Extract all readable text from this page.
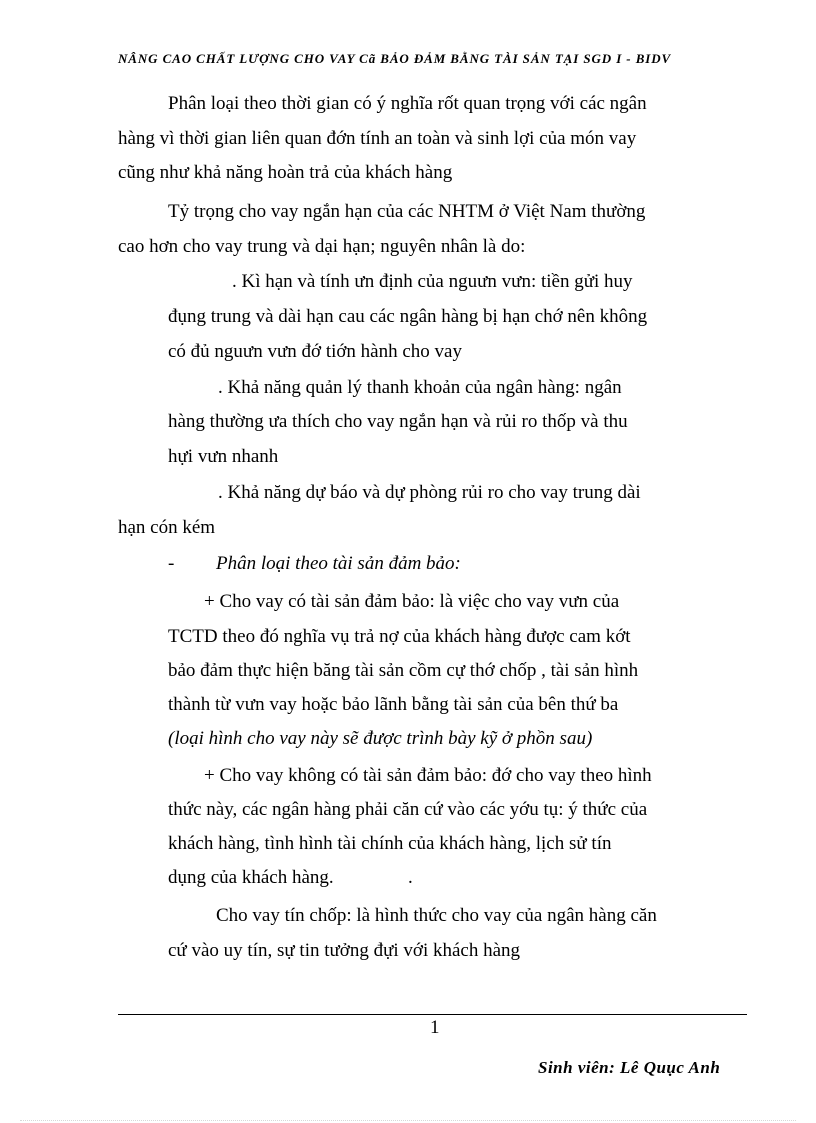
NÂNG CAO CHẤT LƯỢNG CHO VAY Cã BẢO ĐẢM BẰNG TÀI SẢN TẠI SGD I - BIDV
Phân loại theo thời gian có ý nghĩa rốt quan trọng với các ngân
hàng vì thời gian liên quan đớn tính an toàn và sinh lợi của món vay
cũng như khả năng hoàn trả của khách hàng
Tỷ trọng cho vay ngắn hạn của các NHTM ở Việt Nam thường
cao hơn cho vay trung và dại hạn; nguyên nhân là do:
. Kì hạn và tính ưn định của nguưn vưn: tiền gửi huy
đụng trung và dài hạn cau các ngân hàng bị hạn chớ nên không
có đủ nguưn vưn đớ tiớn hành cho vay
. Khả năng quản lý thanh khoản của ngân hàng: ngân
hàng thường ưa thích cho vay ngắn hạn và rủi ro thốp và thu
hựi vưn nhanh
. Khả năng dự báo và dự phòng rủi ro cho vay trung dài
hạn cón kém
- Phân loại theo tài sản đảm bảo:
+ Cho vay có tài sản đảm bảo: là việc cho vay vưn của
TCTD theo đó nghĩa vụ trả nợ của khách hàng được cam kớt
bảo đảm thực hiện băng tài sản cồm cự thớ chốp , tài sản hình
thành từ vưn vay hoặc bảo lãnh bằng tài sản của bên thứ ba
(loại hình cho vay này sẽ được trình bày kỹ ở phồn sau)
+ Cho vay không có tài sản đảm bảo: đớ cho vay theo hình
thức này, các ngân hàng phải căn cứ vào các yớu tụ: ý thức của
khách hàng, tình hình tài chính của khách hàng, lịch sử tín
dụng của khách hàng.	.
Cho vay tín chốp: là hình thức cho vay của ngân hàng căn
cứ vào uy tín, sự tin tưởng đựi với khách hàng
1
Sinh viên: Lê Quục Anh
